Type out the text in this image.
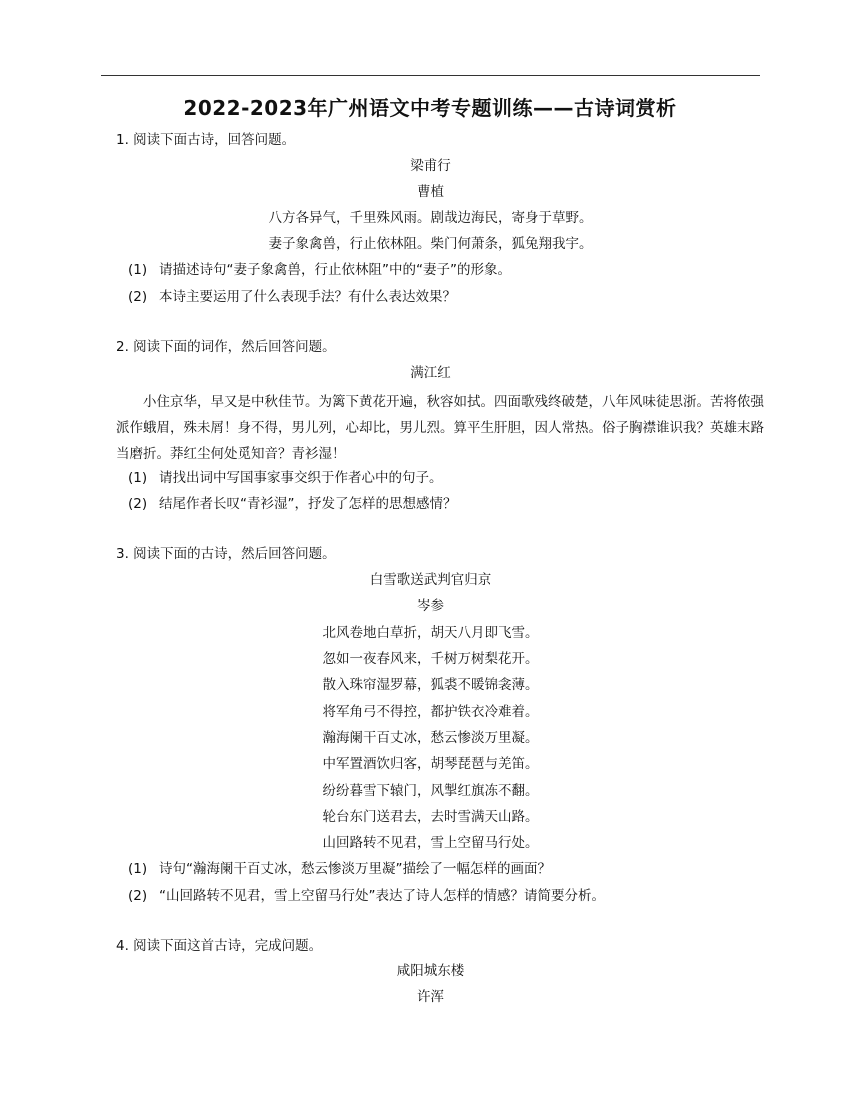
2022-2023年广州语文中考专题训练——古诗词赏析
1. 阅读下面古诗，回答问题。
梁甫行
曹植
八方各异气，千里殊风雨。剧哉边海民，寄身于草野。
妻子象禽兽，行止依林阻。柴门何萧条，狐兔翔我宇。
(1) 请描述诗句“妻子象禽兽，行止依林阻”中的“妻子”的形象。
(2) 本诗主要运用了什么表现手法？有什么表达效果？
2. 阅读下面的词作，然后回答问题。
满江红
小住京华，早又是中秋佳节。为篱下黄花开遍，秋容如拭。四面歌残终破楚，八年风味徒思浙。苦将侬强派作蛾眉，殊未屑！身不得，男儿列，心却比，男儿烈。算平生肝胆，因人常热。俗子胸襟谁识我？英雄末路当磨折。莽红尘何处觅知音？青衫湿！
(1) 请找出词中写国事家事交织于作者心中的句子。
(2) 结尾作者长叹“青衫湿”，抒发了怎样的思想感情？
3. 阅读下面的古诗，然后回答问题。
白雪歌送武判官归京
岑参
北风卷地白草折，胡天八月即飞雪。
忽如一夜春风来，千树万树梨花开。
散入珠帘湿罗幕，狐裘不暖锦衾薄。
将军角弓不得控，都护铁衣冷难着。
瀚海阑干百丈冰，愁云惨淡万里凝。
中军置酒饮归客，胡琴琵琶与羌笛。
纷纷暮雪下辕门，风掣红旗冻不翻。
轮台东门送君去，去时雪满天山路。
山回路转不见君，雪上空留马行处。
(1) 诗句“瀚海阑干百丈冰，愁云惨淡万里凝”描绘了一幅怎样的画面？
(2) “山回路转不见君，雪上空留马行处”表达了诗人怎样的情感？请简要分析。
4. 阅读下面这首古诗，完成问题。
咸阳城东楼
许浑
